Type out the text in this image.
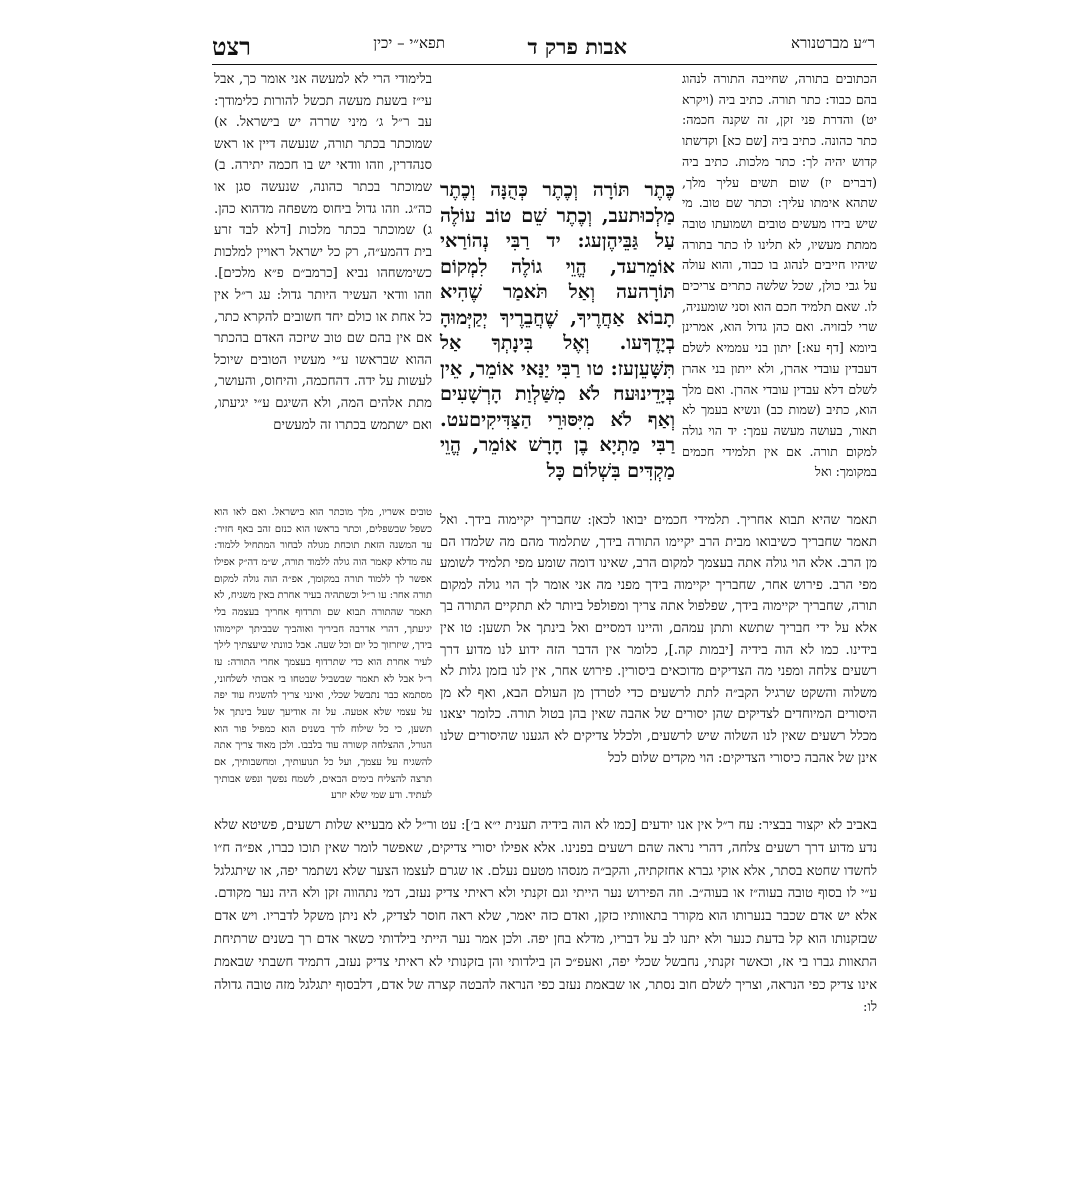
רצט	ר״ע מברטנורא
אבות פרק ד
תפא״י – יכין

הכתובים בתורה, שחייבה התורה לנהוג בהם כבוד: כתר תורה. כתיב ביה (ויקרא יט) והדרת פני זקן, זה שקנה חכמה: כתר כהונה. כתיב ביה [שם כא] וקדשתו קדוש יהיה לך: כתר מלכות. כתיב ביה (דברים יז) שום תשים עליך מלך, שתהא אימתו עליך: וכתר שם טוב. מי שיש בידו מעשים טובים ושמועתו טובה ממתת מעשיו, לא תלינו לו כתר בתורה שיהיו חייבים לנהוג בו כבוד, והוא עולה על גבי כולן, שכל שלשה כתרים צריכים לו. שאם תלמיד חכם הוא וסני שומעניה, שרי לבזויה. ואם כהן גדול הוא, אמרינן ביומא [דף עא:] יתון בני עממיא לשלם דעבדין עובדי אהרן, ולא ייתון בני אהרן לשלם דלא עבדין עובדי אהרן. ואם מלך הוא, כתיב (שמות כב) ונשיא בעמך לא תאור, בעושה מעשה עמך: יד הוי גולה למקום תורה. אם אין תלמידי חכמים במקומך: ואל

בלימודי הרי לא למעשה אני אומר כך, אבל עי״ז בשעת מעשה תכשל להורות כלימודך: עב ר״ל ג׳ מיני שררה יש בישראל. א) שמוכתר בכתר תורה, שנעשה דיין או ראש סנהדרין, וזהו וודאי יש בו חכמה יתירה. ב) שמוכתר בכתר כהונה, שנעשה סגן או כה״ג. וזהו גדול ביחוס משפחה מדהוא כהן. ג) שמוכתר בכתר מלכות [דלא לבד זרע בית דהמע״ה, רק כל ישראל ראויין למלכות כשימשחהו נביא [כרמב״ם פ״א מלכים]. וזהו וודאי העשיר היותר גדול: עג ר״ל אין כל אחת או כולם יחד חשובים להקרא כתר, אם אין בהם שם טוב שיזכה האדם בהכתר ההוא שבראשו ע״י מעשיו הטובים שיוכל לעשות על ידה. דהחכמה, והיחוס, והעושר, מתת אלהים המה, ולא השיגם ע״י יגיעתו, ואם ישתמש בכתרו זה למעשים

כֶּתֶר תּוֹרָה וְכֶתֶר כְּהֻנָּה וְכֶתֶר מַלְכוּתעב, וְכֶתֶר שֵׁם טוֹב עוֹלֶה עַל גַּבֵּיהֶןעג: יד רַבִּי נְהוֹרַאי אוֹמֵרעד, הֱוֵי גוֹלֶה לִמְקוֹם תּוֹרָהעה וְאַל תֹּאמַר שֶׁהִיא תָבוֹא אַחֲרֶיךָ, שֶׁחֲבֵרֶיךָ יְקַיְּמוּהָ בְיָדֶךָעו. וְאֶל בִּינָתְךָ אַל תִּשָּׁעֵןעז: טו רַבִּי יַנַּאי אוֹמֵר, אֵין בְּיָדֵינוּעח לֹא מִשַּׁלְוַת הָרְשָׁעִים וְאַף לֹא מִיִּסּוּרֵי הַצַּדִּיקִיםעט. רַבִּי מַתְיָא בֶן חָרָשׁ אוֹמֵר, הֱוֵי מַקְדִּים בִּשְׁלוֹם כָּל

תאמר שהיא תבוא אחריך. תלמידי חכמים יבואו לכאן: שחבריך יקיימוה בידך. ואל תאמר שחבריך כשיבואו מבית הרב יקיימו התורה בידך, שתלמוד מהם מה שלמדו הם מן הרב. אלא הוי גולה אתה בעצמך למקום הרב, שאינו דומה שומע מפי תלמיד לשומע מפי הרב. פירוש אחר, שחבריך יקיימוה בידך מפני מה אני אומר לך הוי גולה למקום תורה, שחבריך יקיימוה בידך, שפלפול אתה צריך ומפולפל ביותר לא תתקיים התורה בך אלא על ידי חבריך שתשא ותתן עמהם, והיינו דמסיים ואל בינתך אל תשען: טו אין בידינו. כמו לא הוה בידיה [יבמות קה.], כלומר אין הדבר הזה ידוע לנו מדוע דרך רשעים צלחה ומפני מה הצדיקים מדוכאים ביסורין. פירוש אחר, אין לנו בזמן גלות לא משלוה והשקט שרגיל הקב״ה לתת לרשעים כדי לטרדן מן העולם הבא, ואף לא מן היסורים המיוחדים לצדיקים שהן יסורים של אהבה שאין בהן בטול תורה. כלומר יצאנו מכלל רשעים שאין לנו השלוה שיש לרשעים, ולכלל צדיקים לא הגענו שהיסורים שלנו אינן של אהבה כיסורי הצדיקים: הוי מקדים שלום לכל

טובים אשריו, מלך מוכתר הוא בישראל. ואם לאו הוא כשפל שבשפלים, וכתר בראשו הוא כנזם זהב באף חזיר: עד המשנה הזאת תוכחת מגולה לבחור המתחיל ללמוד: עה מדלא קאמר הוה גולה ללמוד תורה, ש״מ דה״ק אפילו אפשר לך ללמוד תורה במקומך, אפ״ה הוה גולה למקום תורה אחר: עו ר״ל וכשתהיה בעיר אחרת באין משגיח, לא תאמר שהתורה תבוא שם ותרדוף אחריך בעצמה בלי יגיעתך, דהרי אדרבה חביריך ואוהביך שבביתך יקיימוהו בידך, שיזרזוך כל יום וכל שעה. אבל כוונתי שיעצתיך לילך לעיר אחרת הוא כדי שתרדוף בעצמך אחרי התורה: עז ר״ל אבל לא תאמר שבשביל שבטחו בי אבותי לשלחוני, מסתמא כבר נתבשל שכלי, ואינני צריך להשגיח עוד יפה על עצמי שלא אטעה. על זה אודיעך שעל בינתך אל תשען, כי כל שילוח לרך בשנים הוא כמפיל פור הוא הגורל, ההצלחה קשורה עוד בלבבו. ולכן מאוד צריך אתה להשגיח על עצמך, ועל כל תנועותיך, ומחשבותיך, אם תרצה להצליח בימים הבאים, לשמח נפשך ונפש אבותיך לעתיד. ודע שמי שלא יזרע

באביב לא יקצור בבציר: עח ר״ל אין אנו יודעים [כמו לא הוה בידיה תענית י״א ב׳]: עט ור״ל לא מבעייא שלות רשעים, פשיטא שלא נדע מדוע דרך רשעים צלחה, דהרי נראה שהם רשעים בפנינו. אלא אפילו יסורי צדיקים, שאפשר לומר שאין תוכו כברו, אפ״ה ח״ו לחשדו שחטא בסתר, אלא אוקי גברא אחזקתיה, והקב״ה מנסהו מטעם נעלם. או שגרם לעצמו הצער שלא נשתמר יפה, או שיתגלגל ע״י לו בסוף טובה בעוה״ז או בעוה״ב. וזה הפירוש נער הייתי וגם זקנתי ולא ראיתי צדיק נעזב, דמי נתהווה זקן ולא היה נער מקודם. אלא יש אדם שכבר בנערותו הוא מקורר בתאוותיו כזקן, ואדם כזה יאמר, שלא ראה חוסר לצדיק, לא ניתן משקל לדבריו. ויש אדם שבזקנותו הוא קל בדעת כנער ולא יתנו לב על דבריו, מדלא בחן יפה. ולכן אמר נער הייתי בילדותי כשאר אדם רך בשנים שרתיחת התאוות גברו בי אז, וכאשר זקנתי, נחבשל שכלי יפה, ואעפ״כ הן בילדותי והן בזקנותי לא ראיתי צדיק נעזב, דתמיד חשבתי שבאמת אינו צדיק כפי הנראה, וצריך לשלם חוב נסתר, או שבאמת נעזב כפי הנראה להבטה קצרה של אדם, דלבסוף יתגלגל מזה טובה גדולה לו:
